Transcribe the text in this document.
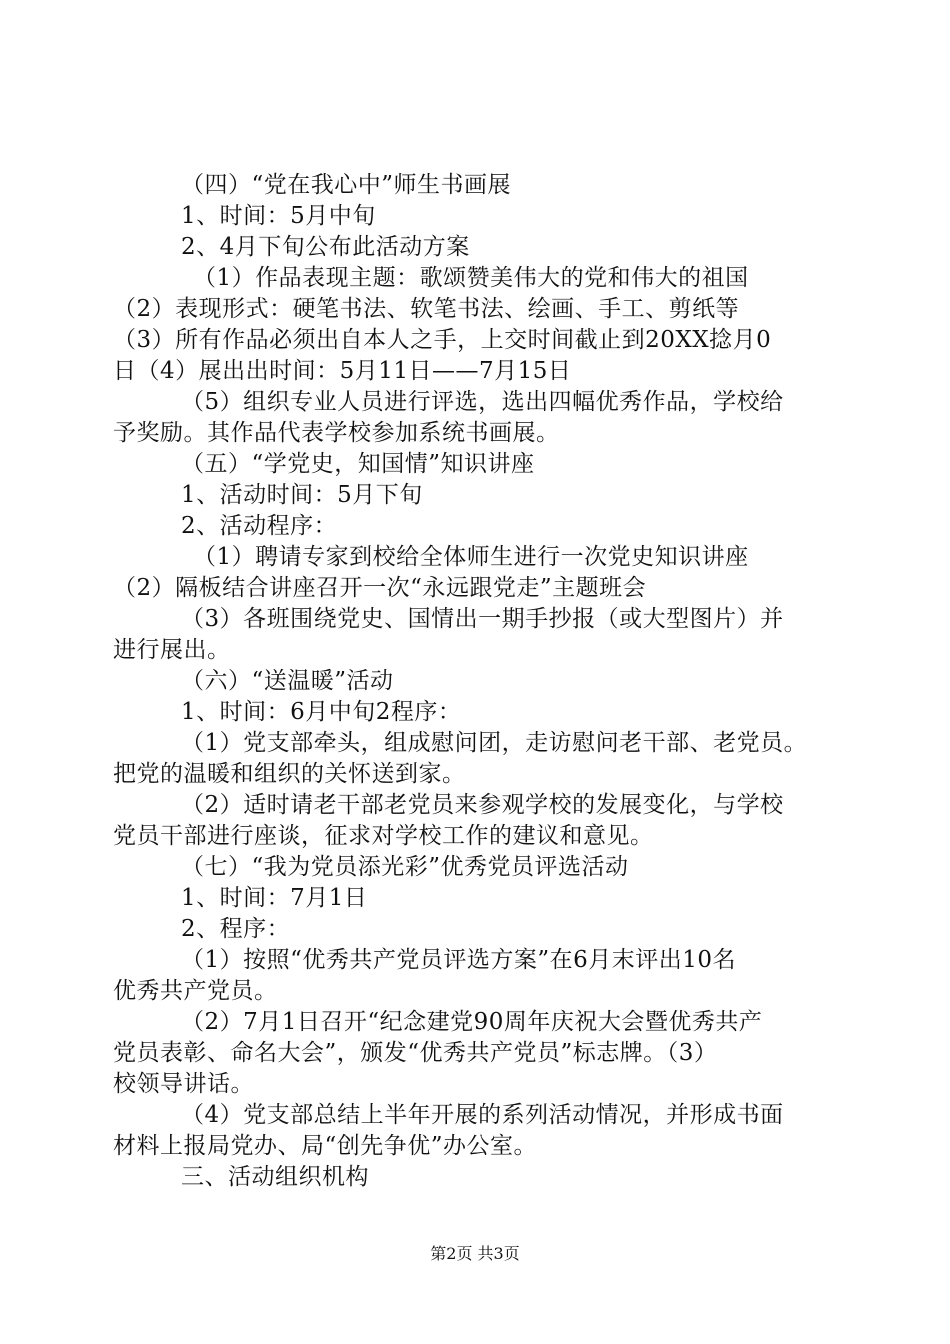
（四）“党在我心中”师生书画展
1、时间：5月中旬
2、4月下旬公布此活动方案
（1）作品表现主题：歌颂赞美伟大的党和伟大的祖国
（2）表现形式：硬笔书法、软笔书法、绘画、手工、剪纸等
（3）所有作品必须出自本人之手，上交时间截止到20XX捻月0
日（4）展出出时间：5月11日——7月15日
（5）组织专业人员进行评选，选出四幅优秀作品，学校给
予奖励。其作品代表学校参加系统书画展。
（五）“学党史，知国情”知识讲座
1、活动时间：5月下旬
2、活动程序：
（1）聘请专家到校给全体师生进行一次党史知识讲座
（2）隔板结合讲座召开一次“永远跟党走”主题班会
（3）各班围绕党史、国情出一期手抄报（或大型图片）并
进行展出。
（六）“送温暖”活动
1、时间：6月中旬2程序：
（1）党支部牵头，组成慰问团，走访慰问老干部、老党员。
把党的温暖和组织的关怀送到家。
（2）适时请老干部老党员来参观学校的发展变化，与学校
党员干部进行座谈，征求对学校工作的建议和意见。
（七）“我为党员添光彩”优秀党员评选活动
1、时间：7月1日
2、程序：
（1）按照“优秀共产党员评选方案”在6月末评出10名
优秀共产党员。
（2）7月1日召开“纪念建党90周年庆祝大会暨优秀共产
党员表彰、命名大会”，颁发“优秀共产党员”标志牌。（3）
校领导讲话。
（4）党支部总结上半年开展的系列活动情况，并形成书面
材料上报局党办、局“创先争优”办公室。
三、活动组织机构
第2页 共3页
